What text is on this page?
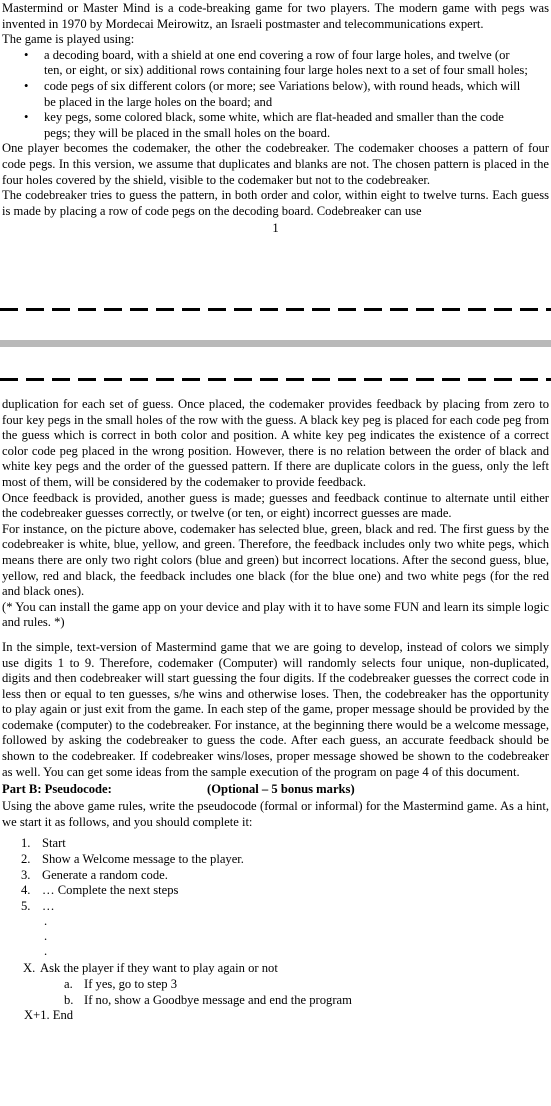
Mastermind or Master Mind is a code-breaking game for two players. The modern game with pegs was invented in 1970 by Mordecai Meirowitz, an Israeli postmaster and telecommunications expert.

The game is played using:

• a decoding board, with a shield at one end covering a row of four large holes, and twelve (or ten, or eight, or six) additional rows containing four large holes next to a set of four small holes;
• code pegs of six different colors (or more; see Variations below), with round heads, which will be placed in the large holes on the board; and
• key pegs, some colored black, some white, which are flat-headed and smaller than the code pegs; they will be placed in the small holes on the board.

One player becomes the codemaker, the other the codebreaker. The codemaker chooses a pattern of four code pegs. In this version, we assume that duplicates and blanks are not. The chosen pattern is placed in the four holes covered by the shield, visible to the codemaker but not to the codebreaker.

The codebreaker tries to guess the pattern, in both order and color, within eight to twelve turns. Each guess is made by placing a row of code pegs on the decoding board. Codebreaker can use

1

duplication for each set of guess. Once placed, the codemaker provides feedback by placing from zero to four key pegs in the small holes of the row with the guess. A black key peg is placed for each code peg from the guess which is correct in both color and position. A white key peg indicates the existence of a correct color code peg placed in the wrong position. However, there is no relation between the order of black and white key pegs and the order of the guessed pattern. If there are duplicate colors in the guess, only the left most of them, will be considered by the codemaker to provide feedback.

Once feedback is provided, another guess is made; guesses and feedback continue to alternate until either the codebreaker guesses correctly, or twelve (or ten, or eight) incorrect guesses are made.

For instance, on the picture above, codemaker has selected blue, green, black and red. The first guess by the codebreaker is white, blue, yellow, and green. Therefore, the feedback includes only two white pegs, which means there are only two right colors (blue and green) but incorrect locations. After the second guess, blue, yellow, red and black, the feedback includes one black (for the blue one) and two white pegs (for the red and black ones).

(* You can install the game app on your device and play with it to have some FUN and learn its simple logic and rules. *)

In the simple, text-version of Mastermind game that we are going to develop, instead of colors we simply use digits 1 to 9. Therefore, codemaker (Computer) will randomly selects four unique, non-duplicated, digits and then codebreaker will start guessing the four digits. If the codebreaker guesses the correct code in less then or equal to ten guesses, s/he wins and otherwise loses. Then, the codebreaker has the opportunity to play again or just exit from the game. In each step of the game, proper message should be provided by the codemake (computer) to the codebreaker. For instance, at the beginning there would be a welcome message, followed by asking the codebreaker to guess the code. After each guess, an accurate feedback should be shown to the codebreaker. If codebreaker wins/loses, proper message showed be shown to the codebreaker as well. You can get some ideas from the sample execution of the program on page 4 of this document.

Part B: Pseudocode:	(Optional – 5 bonus marks)

Using the above game rules, write the pseudocode (formal or informal) for the Mastermind game. As a hint, we start it as follows, and you should complete it:

1. Start
2. Show a Welcome message to the player.
3. Generate a random code.
4. … Complete the next steps
5. …
.
.
.
X. Ask the player if they want to play again or not
a. If yes, go to step 3
b. If no, show a Goodbye message and end the program
X+1. End
